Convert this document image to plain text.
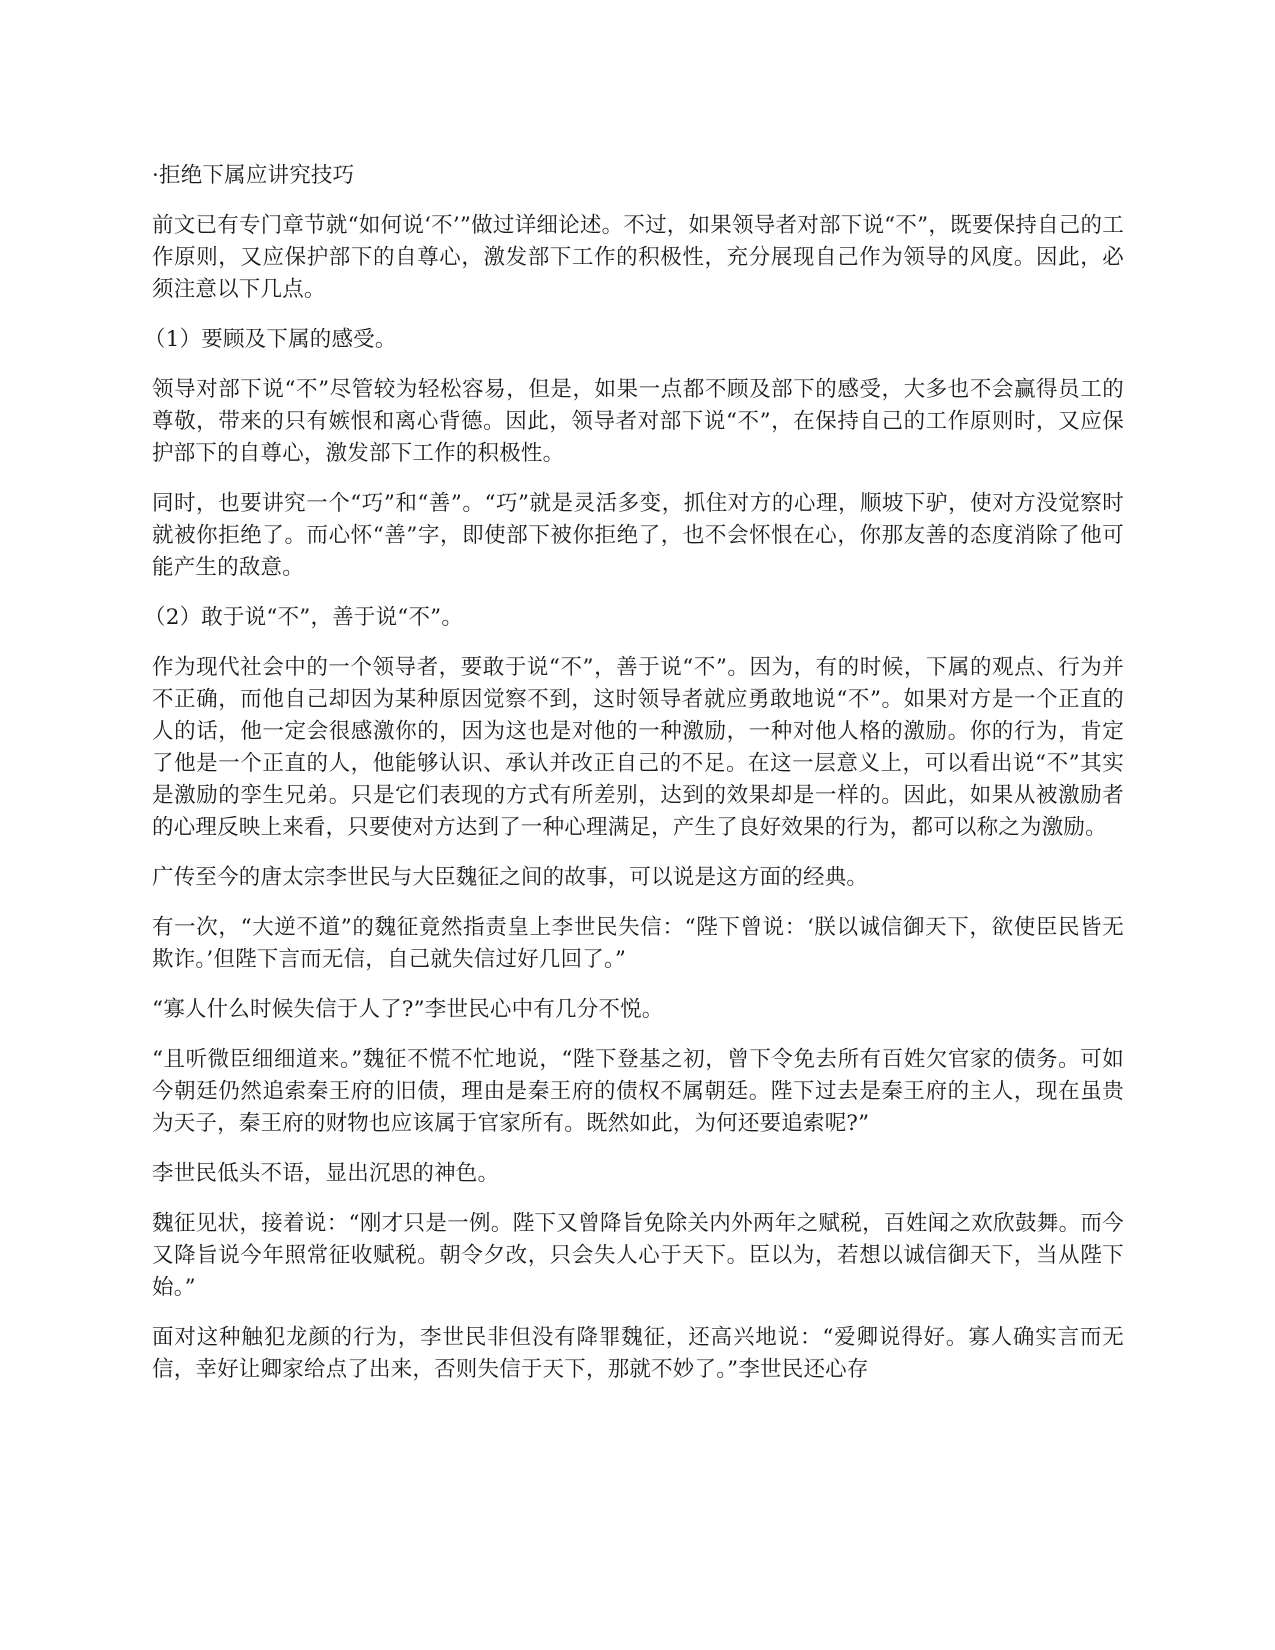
·拒绝下属应讲究技巧

前文已有专门章节就“如何说‘不’”做过详细论述。不过，如果领导者对部下说“不”，既要保持自己的工作原则，又应保护部下的自尊心，激发部下工作的积极性，充分展现自己作为领导的风度。因此，必须注意以下几点。

（1）要顾及下属的感受。

领导对部下说“不”尽管较为轻松容易，但是，如果一点都不顾及部下的感受，大多也不会赢得员工的尊敬，带来的只有嫉恨和离心背德。因此，领导者对部下说“不”，在保持自己的工作原则时，又应保护部下的自尊心，激发部下工作的积极性。

同时，也要讲究一个“巧”和“善”。“巧”就是灵活多变，抓住对方的心理，顺坡下驴，使对方没觉察时就被你拒绝了。而心怀“善”字，即使部下被你拒绝了，也不会怀恨在心，你那友善的态度消除了他可能产生的敌意。

（2）敢于说“不”，善于说“不”。

作为现代社会中的一个领导者，要敢于说“不”，善于说“不”。因为，有的时候，下属的观点、行为并不正确，而他自己却因为某种原因觉察不到，这时领导者就应勇敢地说“不”。如果对方是一个正直的人的话，他一定会很感激你的，因为这也是对他的一种激励，一种对他人格的激励。你的行为，肯定了他是一个正直的人，他能够认识、承认并改正自己的不足。在这一层意义上，可以看出说“不”其实是激励的孪生兄弟。只是它们表现的方式有所差别，达到的效果却是一样的。因此，如果从被激励者的心理反映上来看，只要使对方达到了一种心理满足，产生了良好效果的行为，都可以称之为激励。

广传至今的唐太宗李世民与大臣魏征之间的故事，可以说是这方面的经典。

有一次，“大逆不道”的魏征竟然指责皇上李世民失信：“陛下曾说：‘朕以诚信御天下，欲使臣民皆无欺诈。’但陛下言而无信，自己就失信过好几回了。”

“寡人什么时候失信于人了?”李世民心中有几分不悦。

“且听微臣细细道来。”魏征不慌不忙地说，“陛下登基之初，曾下令免去所有百姓欠官家的债务。可如今朝廷仍然追索秦王府的旧债，理由是秦王府的债权不属朝廷。陛下过去是秦王府的主人，现在虽贵为天子，秦王府的财物也应该属于官家所有。既然如此，为何还要追索呢?”

李世民低头不语，显出沉思的神色。

魏征见状，接着说：“刚才只是一例。陛下又曾降旨免除关内外两年之赋税，百姓闻之欢欣鼓舞。而今又降旨说今年照常征收赋税。朝令夕改，只会失人心于天下。臣以为，若想以诚信御天下，当从陛下始。”

面对这种触犯龙颜的行为，李世民非但没有降罪魏征，还高兴地说：“爱卿说得好。寡人确实言而无信，幸好让卿家给点了出来，否则失信于天下，那就不妙了。”李世民还心存
